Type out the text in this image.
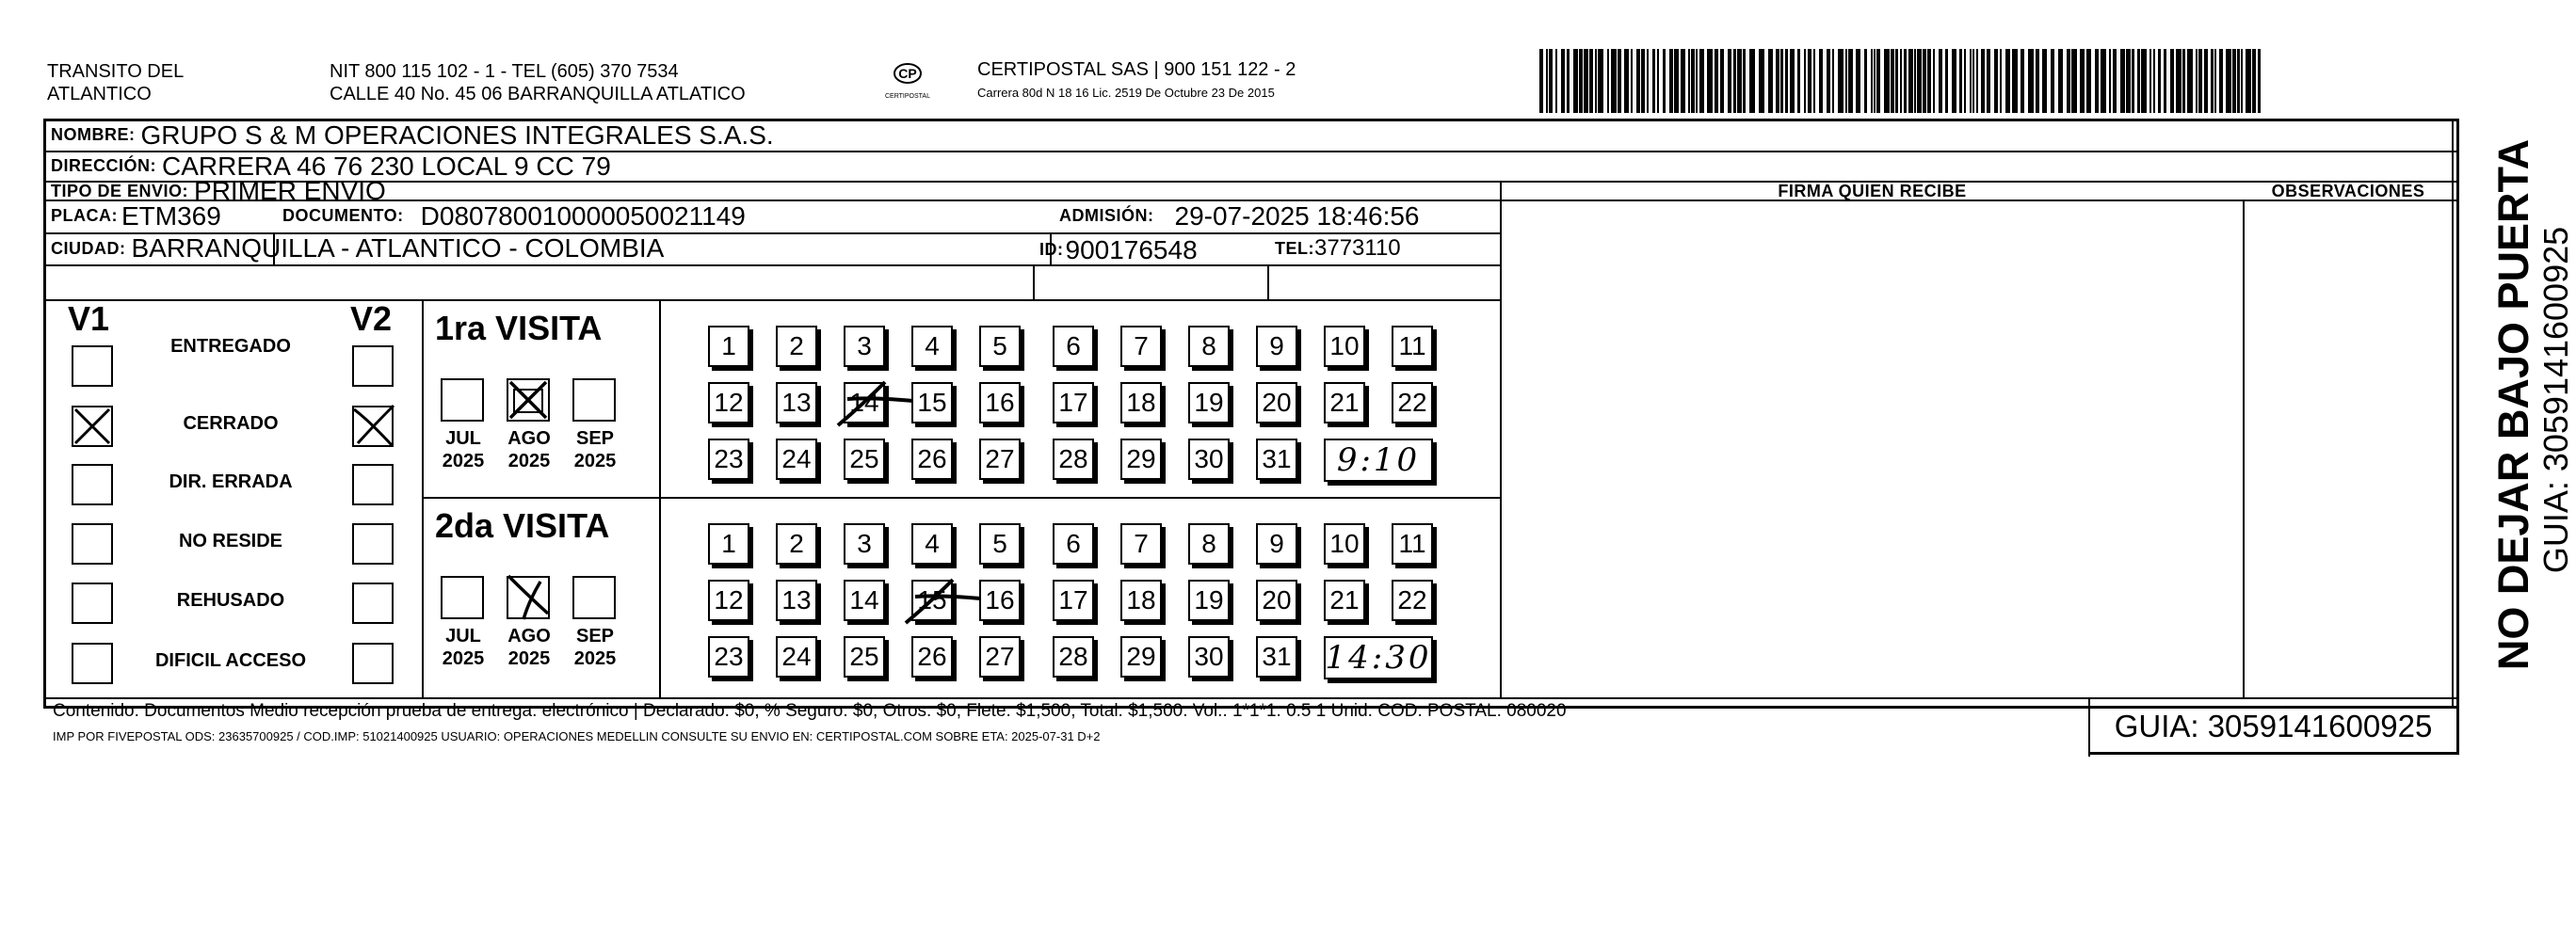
TRANSITO DEL
ATLANTICO
NIT 800 115 102 - 1 - TEL (605) 370 7534
CALLE 40 No. 45 06 BARRANQUILLA ATLATICO
CP
CERTIPOSTAL
CERTIPOSTAL SAS | 900 151 122 - 2
Carrera 80d N 18 16 Lic. 2519 De Octubre 23 De 2015
NOMBRE: GRUPO S & M OPERACIONES INTEGRALES S.A.S.
DIRECCIÓN: CARRERA 46 76 230 LOCAL 9 CC 79
TIPO DE ENVIO: PRIMER ENVIO	FIRMA QUIEN RECIBE	OBSERVACIONES
PLACA: ETM369	DOCUMENTO: D080780010000050021149	ADMISIÓN: 29-07-2025 18:46:56
CIUDAD: BARRANQUILLA - ATLANTICO - COLOMBIA	ID: 900176548	TEL: 3773110
V1	V2
ENTREGADO
CERRADO
DIR. ERRADA
NO RESIDE
REHUSADO
DIFICIL ACCESO
1ra VISITA
JUL
2025
AGO
2025
SEP
2025
1	2	3	4	5	6	7	8	9	10 11
12 13 14 15 16 17 18 19 20 21 22
23 24 25 26 27 28 29 30 31	9:10
2da VISITA
JUL
2025
AGO
2025
SEP
2025
1	2	3	4	5	6	7	8	9	10 11
12 13 14 15 16 17 18 19 20 21 22
23 24 25 26 27 28 29 30 31 14:30
Contenido: Documentos Medio recepción prueba de entrega: electrónico | Declarado: $0, % Seguro: $0, Otros: $0, Flete: $1,500, Total: $1,500. Vol.: 1*1*1. 0.5 1 Unid. COD. POSTAL: 080020
IMP POR FIVEPOSTAL ODS: 23635700925 / COD.IMP: 51021400925 USUARIO: OPERACIONES MEDELLIN CONSULTE SU ENVIO EN: CERTIPOSTAL.COM SOBRE ETA: 2025-07-31 D+2	GUIA: 3059141600925
NO DEJAR BAJO PUERTA GUIA: 3059141600925
